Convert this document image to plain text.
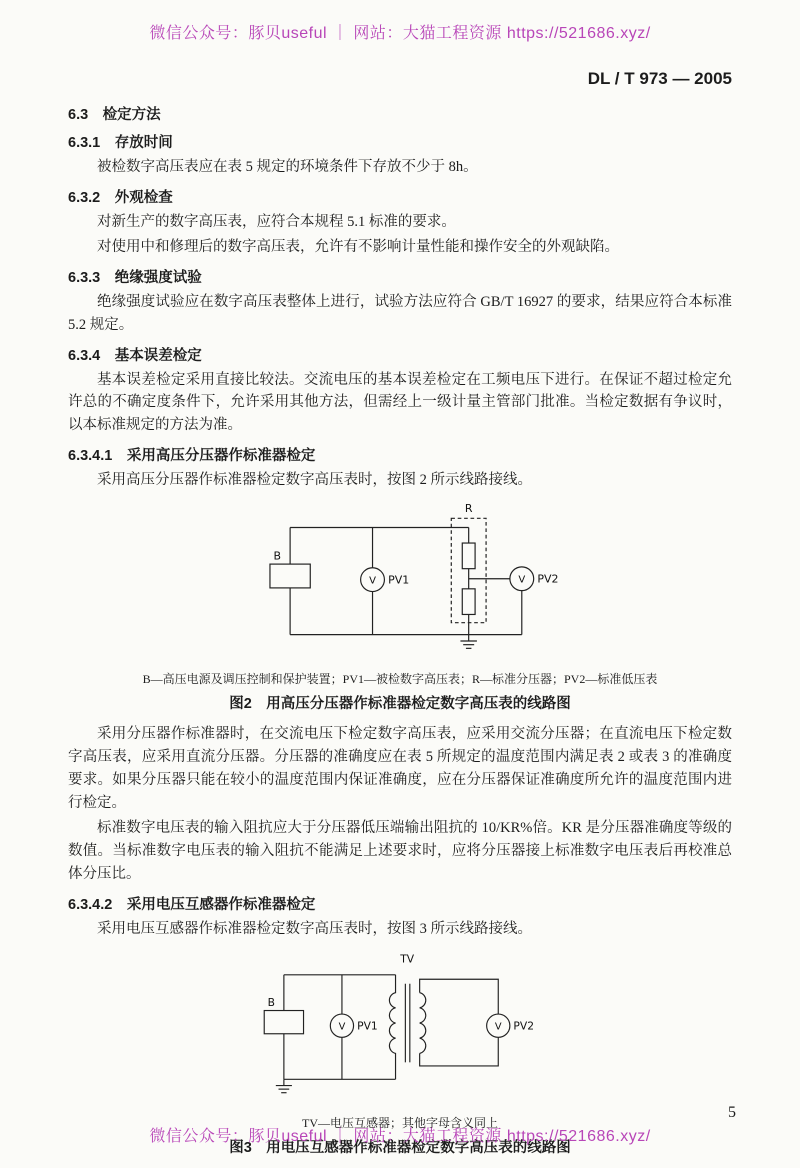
微信公众号：豚贝useful ｜ 网站：大猫工程资源 https://521686.xyz/
DL / T 973 — 2005
6.3　检定方法
6.3.1　存放时间

被检数字高压表应在表 5 规定的环境条件下存放不少于 8h。

6.3.2　外观检查

对新生产的数字高压表，应符合本规程 5.1 标准的要求。

对使用中和修理后的数字高压表，允许有不影响计量性能和操作安全的外观缺陷。

6.3.3　绝缘强度试验

绝缘强度试验应在数字高压表整体上进行，试验方法应符合 GB/T 16927 的要求，结果应符合本标准 5.2 规定。

6.3.4　基本误差检定

基本误差检定采用直接比较法。交流电压的基本误差检定在工频电压下进行。在保证不超过检定允许总的不确定度条件下，允许采用其他方法，但需经上一级计量主管部门批准。当检定数据有争议时，以本标准规定的方法为准。

6.3.4.1　采用高压分压器作标准器检定

采用高压分压器作标准器检定数字高压表时，按图 2 所示线路接线。

B
V PV1
R
V PV2
B—高压电源及调压控制和保护装置；PV1—被检数字高压表；R—标准分压器；PV2—标准低压表
图2　用高压分压器作标准器检定数字高压表的线路图

采用分压器作标准器时，在交流电压下检定数字高压表，应采用交流分压器；在直流电压下检定数字高压表，应采用直流分压器。分压器的准确度应在表 5 所规定的温度范围内满足表 2 或表 3 的准确度要求。如果分压器只能在较小的温度范围内保证准确度，应在分压器保证准确度所允许的温度范围内进行检定。

标准数字电压表的输入阻抗应大于分压器低压端输出阻抗的 10/KR%倍。KR 是分压器准确度等级的数值。当标准数字电压表的输入阻抗不能满足上述要求时，应将分压器接上标准数字电压表后再校准总体分压比。

6.3.4.2　采用电压互感器作标准器检定

采用电压互感器作标准器检定数字高压表时，按图 3 所示线路接线。

B
V PV1
TV
V PV2
TV—电压互感器；其他字母含义同上
图3　用电压互感器作标准器检定数字高压表的线路图
5
微信公众号：豚贝useful ｜ 网站：大猫工程资源 https://521686.xyz/
